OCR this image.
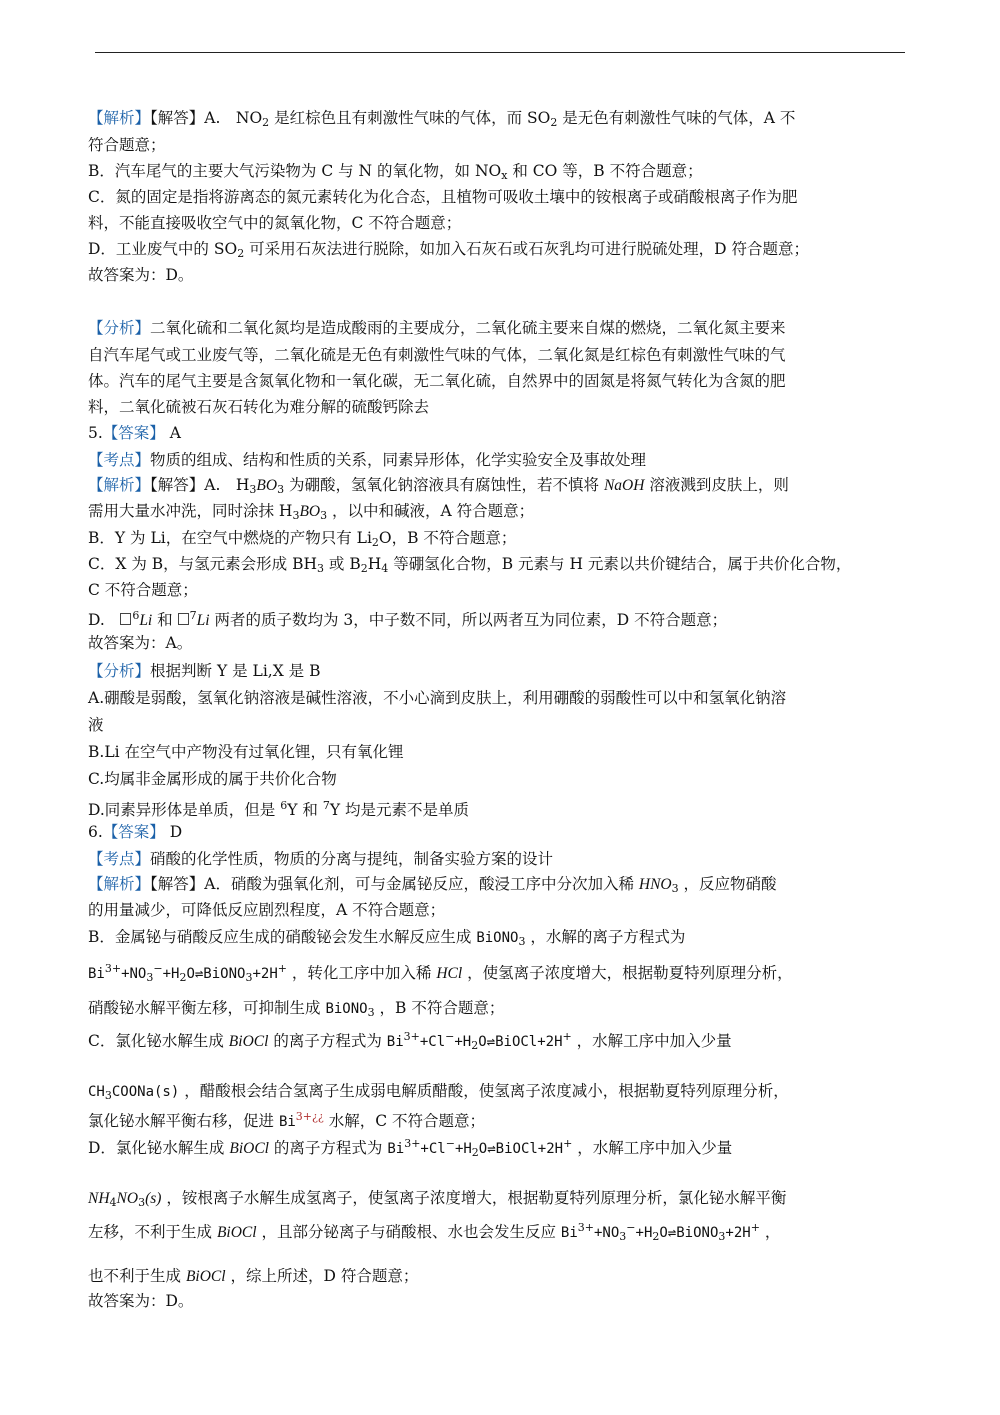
【解析】【解答】A.　NO2 是红棕色且有刺激性气味的气体，而 SO2 是无色有刺激性气味的气体，A 不
符合题意；
B．汽车尾气的主要大气污染物为 C 与 N 的氧化物，如 NOx 和 CO 等，B 不符合题意；
C．氮的固定是指将游离态的氮元素转化为化合态，且植物可吸收土壤中的铵根离子或硝酸根离子作为肥
料，不能直接吸收空气中的氮氧化物，C 不符合题意；
D．工业废气中的 SO2 可采用石灰法进行脱除，如加入石灰石或石灰乳均可进行脱硫处理，D 符合题意；
故答案为：D。
【分析】二氧化硫和二氧化氮均是造成酸雨的主要成分，二氧化硫主要来自煤的燃烧，二氧化氮主要来
自汽车尾气或工业废气等，二氧化硫是无色有刺激性气味的气体，二氧化氮是红棕色有刺激性气味的气
体。汽车的尾气主要是含氮氧化物和一氧化碳，无二氧化硫，自然界中的固氮是将氮气转化为含氮的肥
料，二氧化硫被石灰石转化为难分解的硫酸钙除去
5.【答案】 A
【考点】物质的组成、结构和性质的关系，同素异形体，化学实验安全及事故处理
【解析】【解答】A.　H3BO3 为硼酸，氢氧化钠溶液具有腐蚀性，若不慎将 NaOH 溶液溅到皮肤上，则
需用大量水冲洗，同时涂抹 H3BO3 ，以中和碱液，A 符合题意；
B．Y 为 Li，在空气中燃烧的产物只有 Li2O，B 不符合题意；
C．X 为 B，与氢元素会形成 BH3 或 B2H4 等硼氢化合物，B 元素与 H 元素以共价键结合，属于共价化合物，
C 不符合题意；
D.　$^6$Li 和 $^7$Li 两者的质子数均为 3，中子数不同，所以两者互为同位素，D 不符合题意；
故答案为：A。
【分析】根据判断 Y 是 Li,X 是 B
A.硼酸是弱酸，氢氧化钠溶液是碱性溶液，不小心滴到皮肤上，利用硼酸的弱酸性可以中和氢氧化钠溶
液
B.Li 在空气中产物没有过氧化锂，只有氧化锂
C.均属非金属形成的属于共价化合物
D.同素异形体是单质，但是 $^6$Y 和 $^7$Y 均是元素不是单质
6.【答案】 D
【考点】硝酸的化学性质，物质的分离与提纯，制备实验方案的设计
【解析】【解答】A．硝酸为强氧化剂，可与金属铋反应，酸浸工序中分次加入稀 HNO3 ，反应物硝酸
的用量减少，可降低反应剧烈程度，A 不符合题意；
B．金属铋与硝酸反应生成的硝酸铋会发生水解反应生成 BiONO3 ，水解的离子方程式为
$Bi^{3+}+NO3^-+H2O\rightleftharpoons BiONO3+2H^+$ ，转化工序中加入稀 HCl ，使氢离子浓度增大，根据勒夏特列原理分析，
硝酸铋水解平衡左移，可抑制生成 BiONO3 ，B 不符合题意；
C．氯化铋水解生成 BiOCl 的离子方程式为 $Bi^{3+}+Cl^-+H2O\rightleftharpoons BiOCl+2H^+$ ，水解工序中加入少量
CH3COONa(s) ，醋酸根会结合氢离子生成弱电解质醋酸，使氢离子浓度减小，根据勒夏特列原理分析，
氯化铋水解平衡右移，促进 $Bi^{3+¿¿}$ 水解，C 不符合题意；
D．氯化铋水解生成 BiOCl 的离子方程式为 $Bi^{3+}+Cl^-+H2O\rightleftharpoons BiOCl+2H^+$ ，水解工序中加入少量
NH4NO3(s) ，铵根离子水解生成氢离子，使氢离子浓度增大，根据勒夏特列原理分析，氯化铋水解平衡
左移，不利于生成 BiOCl ，且部分铋离子与硝酸根、水也会发生反应 $Bi^{3+}+NO3^-+H2O\rightleftharpoons BiONO3+2H^+$ ，
也不利于生成 BiOCl ，综上所述，D 符合题意；
故答案为：D。
